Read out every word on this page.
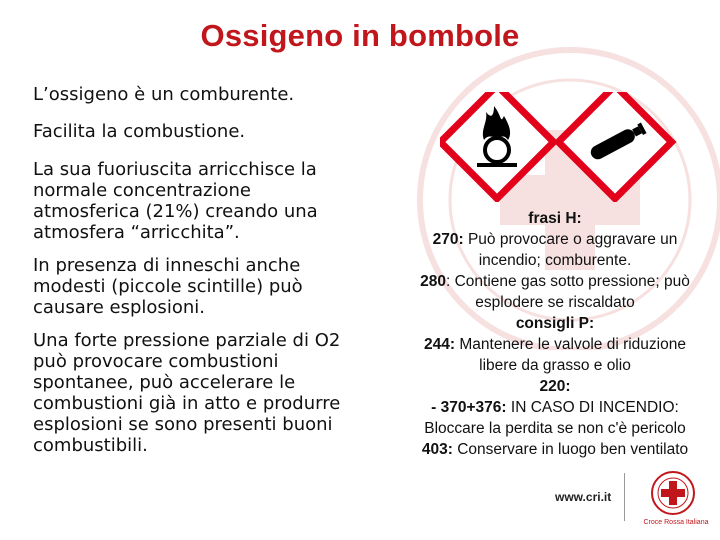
Ossigeno in bombole

L’ossigeno è un comburente.

Facilita la combustione.

La sua fuoriuscita arricchisce la normale concentrazione atmosferica (21%) creando una atmosfera “arricchita”.

In presenza di inneschi anche modesti (piccole scintille) può causare esplosioni.

Una forte pressione parziale di O2 può provocare combustioni spontanee, può accelerare le combustioni già in atto e produrre esplosioni se sono presenti buoni combustibili.

frasi H:
270: Può provocare o aggravare un
incendio; comburente.
280: Contiene gas sotto pressione; può
esplodere se riscaldato
consigli P:
244: Mantenere le valvole di riduzione
libere da grasso e olio
220:
- 370+376: IN CASO DI INCENDIO:
Bloccare la perdita se non c'è pericolo
403: Conservare in luogo ben ventilato
www.cri.it
Croce Rossa Italiana
